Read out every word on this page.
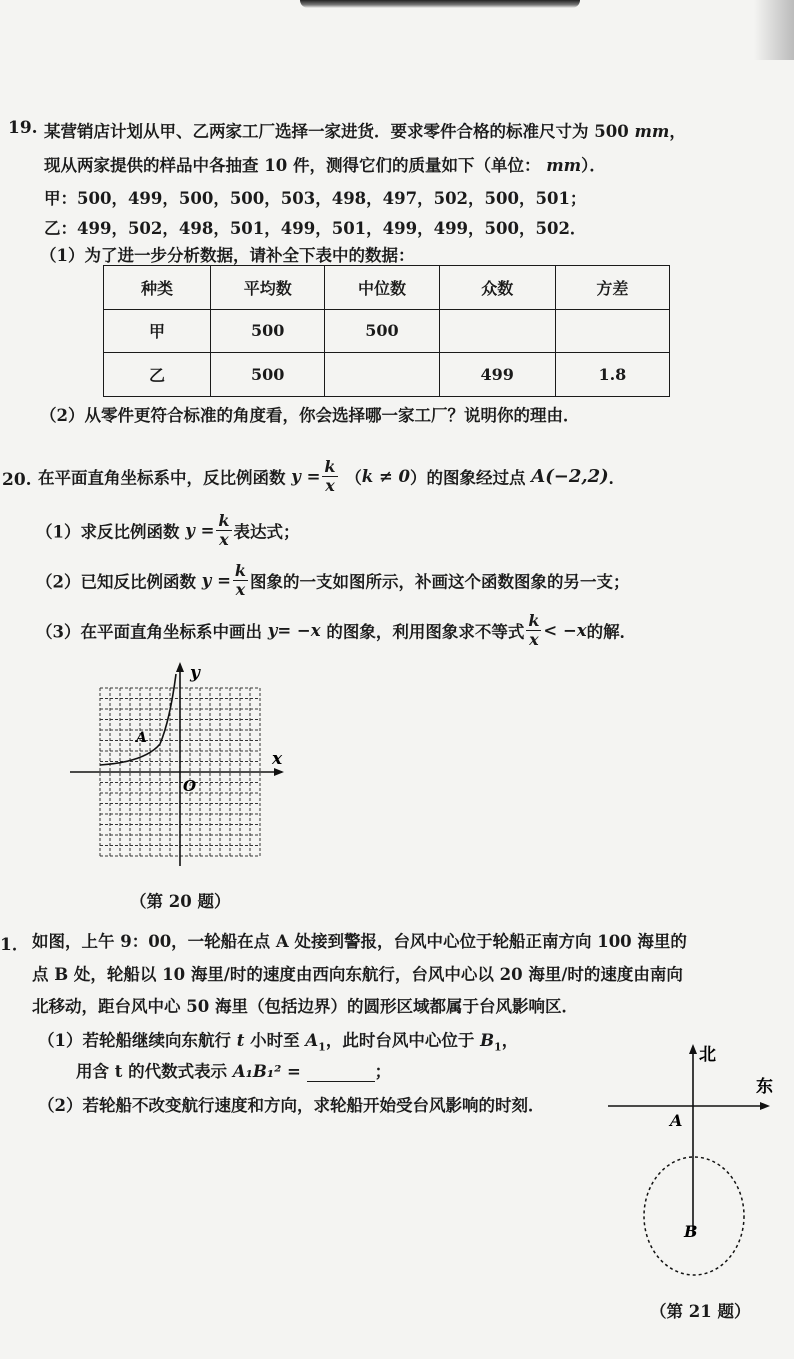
19. 某营销店计划从甲、乙两家工厂选择一家进货．要求零件合格的标准尺寸为 500 mm，
现从两家提供的样品中各抽查 10 件，测得它们的质量如下（单位： mm）．
甲：500，499，500，500，503，498，497，502，500，501；
乙：499，502，498，501，499，501，499，499，500，502．
（1）为了进一步分析数据，请补全下表中的数据：
种类	平均数	中位数	众数	方差
甲	500	500		
乙	500		499	1.8
（2）从零件更符合标准的角度看，你会选择哪一家工厂？说明你的理由．
20. 在平面直角坐标系中，反比例函数 $y = \frac{k}{x} (k \ne 0)$的图象经过点 A(−2,2)．
（1）求反比例函数 $y = \frac{k}{x}$ 表达式；
（2）已知反比例函数 $y = \frac{k}{x}$ 图象的一支如图所示，补画这个函数图象的另一支；
（3）在平面直角坐标系中画出 y= −x 的图象，利用图象求不等式 $\frac{k}{x} < -x$的解．
x
y
O
A
（第 20 题）
1． 如图，上午 9：00，一轮船在点 A 处接到警报，台风中心位于轮船正南方向 100 海里的
点 B 处，轮船以 10 海里/时的速度由西向东航行，台风中心以 20 海里/时的速度由南向
北移动，距台风中心 50 海里（包括边界）的圆形区域都属于台风影响区．
（1）若轮船继续向东航行 t 小时至 $A_1$，此时台风中心位于 $B_1$，
用含 t 的代数式表示 A₁B₁² =	；
（2）若轮船不改变航行速度和方向，求轮船开始受台风影响的时刻．
北
东
A
B
（第 21 题）
